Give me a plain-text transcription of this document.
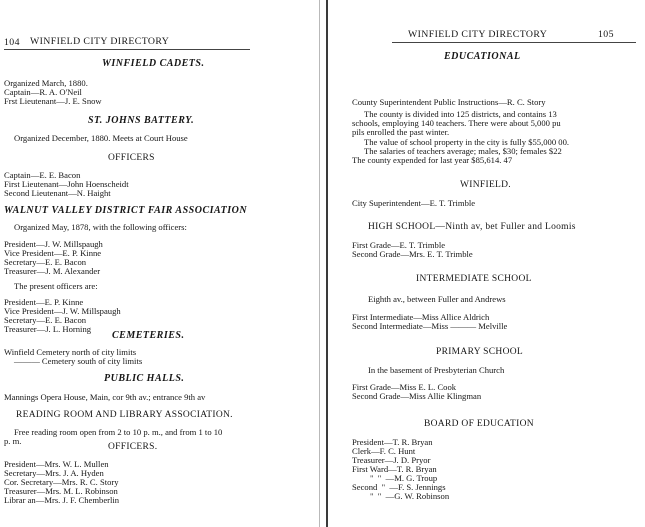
104 WINFIELD CITY DIRECTORY
WINFIELD CADETS.
Organized March, 1880.
Captain—R. A. O'Neil
Frst Lieutenant—J. E. Snow
ST. JOHNS BATTERY.
Organized December, 1880. Meets at Court House
OFFICERS
Captain—E. E. Bacon
First Lieutenant—John Hoenscheidt
Second Lieutenant—N. Haight
WALNUT VALLEY DISTRICT FAIR ASSOCIATION
Organized May, 1878, with the following officers:
President—J. W. Millspaugh
Vice President—E. P. Kinne
Secretary—E. E. Bacon
Treasurer—J. M. Alexander
The present officers are:
President—E. P. Kinne
Vice President—J. W. Millspaugh
Secretary—E. E. Bacon
Treasurer—J. L. Horning
CEMETERIES.
Winfield Cemetery north of city limits
——— Cemetery south of city limits
PUBLIC HALLS.
Mannings Opera House, Main, cor 9th av.; entrance 9th av
READING ROOM AND LIBRARY ASSOCIATION.
Free reading room open from 2 to 10 p. m., and from 1 to 10
p. m.
OFFICERS.
President—Mrs. W. L. Mullen
Secretary—Mrs. J. A. Hyden
Cor. Secretary—Mrs. R. C. Story
Treasurer—Mrs. M. L. Robinson
Librar an—Mrs. J. F. Chemberlin
WINFIELD CITY DIRECTORY	105
EDUCATIONAL
County Superintendent Public Instructions—R. C. Story
The county is divided into 125 districts, and contains 13
schools, employing 140 teachers. There were about 5,000 pu
pils enrolled the past winter.
The value of school property in the city is fully $55,000 00.
The salaries of teachers average; males, $30; females $22
The county expended for last year $85,614. 47
WINFIELD.
City Superintendent—E. T. Trimble
HIGH SCHOOL—Ninth av, bet Fuller and Loomis
First Grade—E. T. Trimble
Second Grade—Mrs. E. T. Trimble
INTERMEDIATE SCHOOL
Eighth av., between Fuller and Andrews
First Intermediate—Miss Allice Aldrich
Second Intermediate—Miss ——— Melville
PRIMARY SCHOOL
In the basement of Presbyterian Church
First Grade—Miss E. L. Cook
Second Grade—Miss Allie Klingman
BOARD OF EDUCATION
President—T. R. Bryan
Clerk—F. C. Hunt
Treasurer—J. D. Pryor
First Ward—T. R. Bryan
"  "  —M. G. Troup
Second  "  —F. S. Jennings
"  "  —G. W. Robinson
